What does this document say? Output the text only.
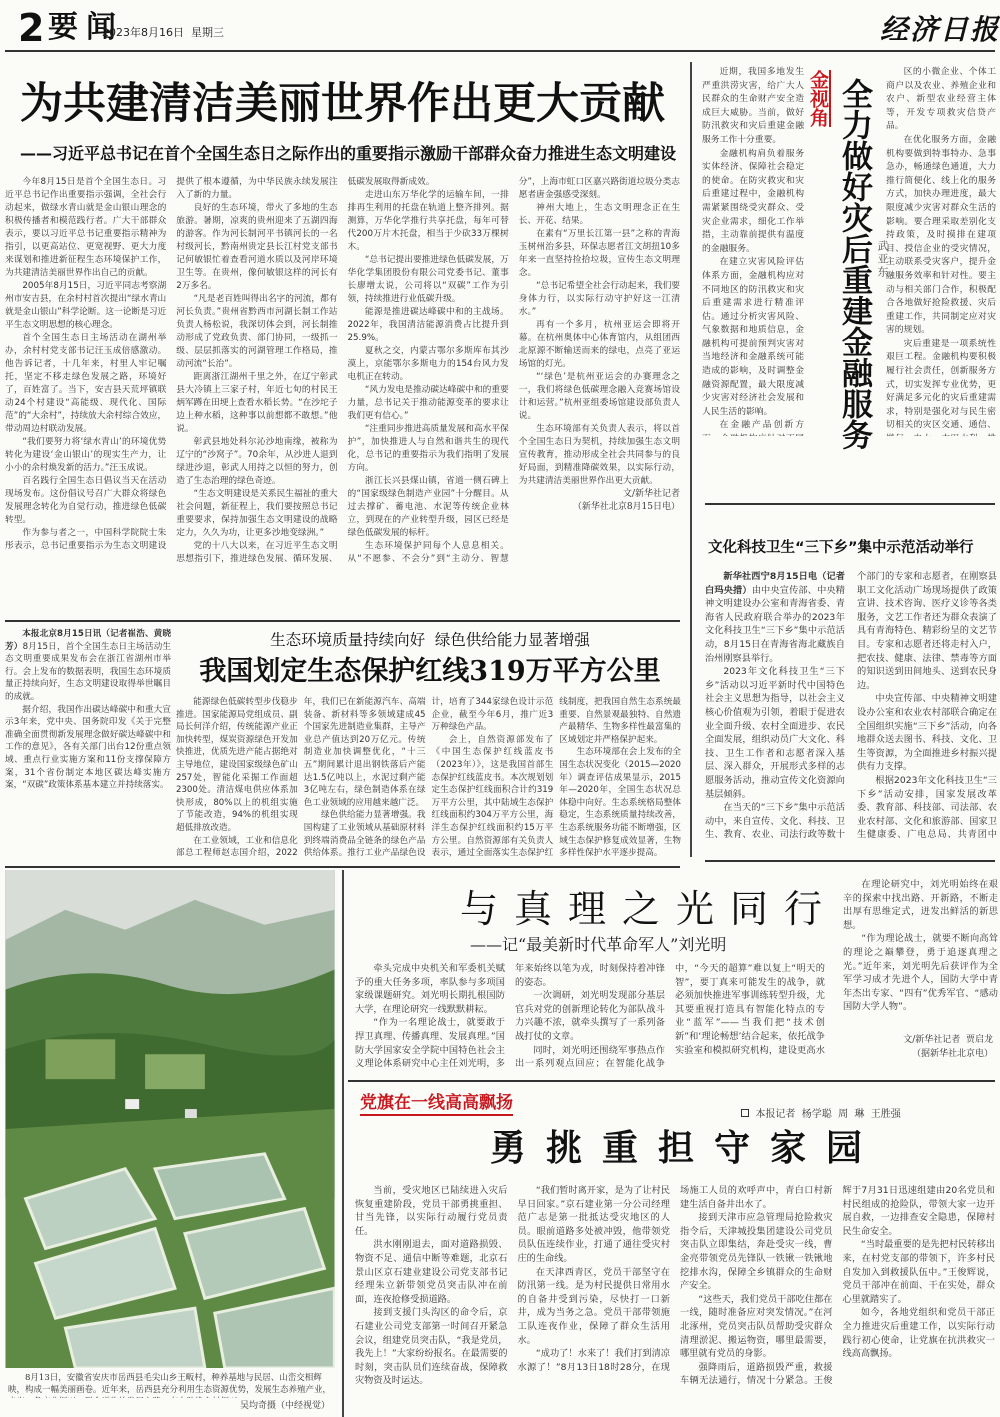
2 要闻
2023年8月16日  星期三	经济日报
为共建清洁美丽世界作出更大贡献
——习近平总书记在首个全国生态日之际作出的重要指示激励干部群众奋力推进生态文明建设

今年8月15日是首个全国生态日。习近平总书记作出重要指示强调，全社会行动起来，做绿水青山就是金山银山理念的积极传播者和模范践行者。广大干部群众表示，要以习近平总书记重要指示精神为指引，以更高站位、更宽视野、更大力度来谋划和推进新征程生态环境保护工作，为共建清洁美丽世界作出自己的贡献。

2005年8月15日，习近平同志考察湖州市安吉县，在余村村首次提出“绿水青山就是金山银山”科学论断。这一论断是习近平生态文明思想的核心理念。

首个全国生态日主场活动在湖州举办，余村村党支部书记汪玉成倍感激动。他告诉记者，十几年来，村里人牢记嘱托，坚定不移走绿色发展之路，环境好了，百姓富了。当下，安吉县天荒坪镇联动24个村建设“高能级、现代化、国际范”的“大余村”，持续放大余村综合效应，带动周边村联动发展。

“我们要努力将‘绿水青山’的环境优势转化为建设‘金山银山’的现实生产力，让小小的余村焕发新的活力。”汪玉成说。

百名践行全国生态日倡议当天在活动现场发布。这份倡议号召广大群众将绿色发展理念转化为自觉行动，推进绿色低碳转型。

作为参与者之一，中国科学院院士朱彤表示，总书记重要指示为生态文明建设提供了根本遵循，为中华民族永续发展注入了新的力量。

良好的生态环境，带火了多地的生态旅游。暑期，凉爽的贵州迎来了五湖四海的游客。作为河长制河平书镇河长的一名村级河长，黔南州贵定县长江村党支部书记何敏银忙着查看河道水质以及河岸环境卫生等。在贵州，像何敏银这样的河长有2万多名。

“凡是老百姓叫得出名字的河流，都有河长负责。”贵州省黔西市河湖长制工作站负责人杨松说，我深切体会到，河长制推动形成了党政负责、部门协同，一级抓一级、层层抓落实的河湖管理工作格局，推动河流“长治”。

距离浙江湖州千里之外，在辽宁彰武县大冷镇上三家子村，年近七旬的村民王炳军蹲在田埂上查看水稻长势。“在沙坨子边上种水稻，这种事以前想都不敢想。”他说。

彰武县地处科尔沁沙地南缘，被称为辽宁的“沙窝子”。70余年，从沙进人退到绿进沙退，彰武人用持之以恒的努力，创造了生态治理的绿色奇迹。

“生态文明建设是关系民生福祉的重大社会问题，新征程上，我们要按照总书记重要要求，保持加强生态文明建设的战略定力，久久为功，让更多沙地变绿洲。”

党的十八大以来，在习近平生态文明思想指引下，推进绿色发展、循环发展、低碳发展取得新成效。

走进山东万华化学的运输车间，一排排再生利用的托盘在轨道上整齐排列。据测算，万华化学推行共享托盘，每年可替代200万片木托盘，相当于少砍33万棵树木。

“总书记提出要推进绿色低碳发展，万华化学集团股份有限公司党委书记、董事长廖增太说，公司将以“双碳”工作为引领，持续推进行业低碳升级。

能源是推进碳达峰碳中和的主战场。2022年，我国清洁能源消费占比提升到25.9%。

夏秋之交，内蒙古鄂尔多斯库布其沙漠上，京能鄂尔多斯电力的154台风力发电机正在转动。

“风力发电是推动碳达峰碳中和的重要力量，总书记关于推动能源变革的要求让我们更有信心。”

“注重同步推进高质量发展和高水平保护”，加快推进人与自然和谐共生的现代化，总书记的重要指示为我们指明了发展方向。

浙江长兴县煤山镇，省道一侧石碑上的“国家级绿色制造产业园”十分醒目。从过去撑矿、蓄电池、水泥等传统企业林立，到现在的产业转型升级，园区已经是绿色低碳发展的标杆。

生态环境保护同每个人息息相关。从“不愿参、不会分”到“主动分、智慧分”，上海市虹口区嘉兴路街道垃圾分类志愿者唐金强感受深刻。

神州大地上，生态文明理念正在生长、开花、结果。

在素有“万里长江第一县”之称的青海玉树州治多县，环保志愿者江文胡扭10多年来一直坚持捡拾垃圾，宣传生态文明理念。

“总书记希望全社会行动起来，我们要身体力行，以实际行动守护好这一江清水。”

再有一个多月，杭州亚运会即将开幕。在杭州奥体中心体育馆内，从组团西北原源不断输送而来的绿电，点亮了亚运场馆的灯光。

“‘绿色’是杭州亚运会的办赛理念之一，我们将绿色低碳理念融入竞赛场馆设计和运营。”杭州亚组委场馆建设部负责人说。

生态环境部有关负责人表示，将以首个全国生态日为契机，持续加强生态文明宣传教育，推动形成全社会共同参与的良好局面，到精准降碳效果，以实际行动，为共建清洁美丽世界作出更大贡献。

文/新华社记者
（新华社北京8月15日电）

近期，我国多地发生严重洪涝灾害，给广大人民群众的生命财产安全造成巨大威胁。当前，做好防汛救灾和灾后重建金融服务工作十分重要。

金融机构肩负着服务实体经济、保障社会稳定的使命。在防灾救灾和灾后重建过程中，金融机构需紧紧围绕受灾群众、受灾企业需求，细化工作举措，主动靠前提供有温度的金融服务。

在建立灾害风险评估体系方面，金融机构应对不同地区的防汛救灾和灾后重建需求进行精准评估。通过分析灾害风险、气象数据和地质信息，金融机构可提前预判灾害对当地经济和金融系统可能造成的影响，及时调整金融资源配置，最大限度减少灾害对经济社会发展和人民生活的影响。

在金融产品创新方

金视角 全力做好灾后重建金融服务 武亚东

区的小微企业、个体工商户以及农业、养殖企业和农户、新型农业经营主体等，开发专项救灾信贷产品。

在优化服务方面，金融机构要做到特事特办、急事急办，畅通绿色通道，大力推行简便化、线上化的服务方式，加快办理进度，最大限度减少灾害对群众生活的影响。要合理采取差别化支持政策，及时摸排在建项目、授信企业的受灾情况，主动联系受灾客户，提升金融服务效率和针对性。要主动与相关部门合作，积极配合各地做好抢险救援、灾后重建工作，共同制定应对灾害的规划。

灾后重建是一项系统性艰巨工程。金融机构要积极履行社会责任，创新服务方式，切实发挥专业优势，更好满足多元化的灾后重建需求，特别是强化对与民生密切相关的灾区交通、通信、

文化科技卫生“三下乡”集中示范活动举行

新华社西宁8月15日电（记者白玛央措）由中央宣传部、中央精神文明建设办公室和青海省委、青海省人民政府联合举办的2023年文化科技卫生“三下乡”集中示范活动，8月15日在青海省海北藏族自治州刚察县举行。

2023年文化科技卫生“三下乡”活动以习近平新时代中国特色社会主义思想为指导，以社会主义核心价值观为引领，着眼于促进农业全面升级、农村全面进步、农民全面发展，组织动员广大文化、科技、卫生工作者和志愿者深入基层、深入群众，开展形式多样的志愿服务活动，推动宣传文化资源向基层倾斜。

在当天的“三下乡”集中示范活动中，来自宣传、文化、科技、卫生、教育、农业、司法行政等数十个部门的专家和志愿者，在刚察县职工文化活动广场现场提供了政策宣讲、技术咨询、医疗义诊等各类服务，文艺工作者还为群众表演了具有青海特色、精彩纷呈的文艺节目。专家和志愿者还将走村入户，把农技、健康、法律、禁毒等方面的知识送到田间地头、送到农民身边。

中央宣传部、中央精神文明建设办公室和农业农村部联合确定在全国组织实施“三下乡”活动，向各地群众送去图书、科技、文化、卫生等资源，为全面推进乡村振兴提供有力支撑。

根据2023年文化科技卫生“三下乡”活动安排，国家发展改革委、教育部、科技部、司法部、农业农村部、文化和旅游部、国家卫生健康委、广电总局、共青团中

生态环境质量持续向好  绿色供给能力显著增强
我国划定生态保护红线319万平方公里

本报北京8月15日讯（记者崔浩、黄晓芳）8月15日，首个全国生态日主场活动生态文明重要成果发布会在浙江省湖州市举行。会上发布的数据表明，我国生态环境质量正持续向好，生态文明建设取得举世瞩目的成就。

据介绍，我国作出碳达峰碳中和重大宣示3年来，党中央、国务院印发《关于完整准确全面贯彻新发展理念做好碳达峰碳中和工作的意见》，各有关部门出台12份重点领域、重点行业实施方案和11份支撑保障方案，31个省份制定本地区碳达峰实施方案，“双碳”政策体系基本建立并持续落实。

能源绿色低碳转型步伐稳步推进。国家能源局党组成员、副局长何洋介绍，传统能源产业正加快转型，煤炭资源绿色开发加快推进，优质先进产能占据绝对主导地位，建设国家级绿色矿山257处，智能化采掘工作面超2300处。清洁煤电供应体系加快形成，80%以上的机组实施了节能改造，94%的机组实现超低排放改造。

在工业领域，工业和信息化部总工程师赵志国介绍，2022年，我们已在新能源汽车、高端装备、新材料等多领域建成45个国家先进制造业集群，主导产业总产值达到20万亿元。传统制造业加快调整优化，“十三五”期间累计退出钢铁落后产能达1.5亿吨以上，水泥过剩产能3亿吨左右，绿色制造体系在绿色工业领域的应用越来越广泛。

绿色供给能力显著增强。我国构建了工业领域从基础原材料到终端消费品全链条的绿色产品供给体系。推行工业产品绿色设计，培育了344家绿色设计示范企业，截至今年6月，推广近3万种绿色产品。

会上，自然资源部发布了《中国生态保护红线蓝皮书（2023年）》，这是我国首部生态保护红线蓝皮书。本次规划划定生态保护红线面积合计约319万平方公里，其中陆域生态保护红线面积约304万平方公里，海洋生态保护红线面积约15万平方公里。自然资源部有关负责人表示，通过全面落实生态保护红线制度，把我国自然生态系统最重要、自然景观最独特、自然遗产最精华、生物多样性最富集的区域划定并严格保护起来。

生态环境部在会上发布的全国生态状况变化（2015—2020年）调查评估成果显示，2015年—2020年，全国生态状况总体稳中向好。生态系统格局整体稳定，生态系统质量持续改善，生态系统服务功能不断增强，区域生态保护修复成效显著，生物多样性保护水平逐步提高。

8月13日，安徽省安庆市岳西县毛尖山乡王畈村，种养基地与民居、山峦交相辉映，构成一幅美丽画卷。近年来，岳西县充分利用生态资源优势，发展生态养殖产业，
吴均奇摄（中经视觉）
与真理之光同行
——记“最美新时代革命军人”刘光明

牵头完成中央机关和军委机关赋予的重大任务多项，率队参与多项国家级课题研究。刘光明长期扎根国防大学，在理论研究一线默默耕耘。

“作为一名理论战士，就要敢于捍卫真理、传播真理、发展真理。”国防大学国家安全学院中国特色社会主义理论体系研究中心主任刘光明，多年来始终以笔为戎，时刻保持着冲锋的姿态。

一次调研，刘光明发现部分基层官兵对党的创新理论转化为部队战斗力兴趣不浓，就牵头撰写了一系列备战打仗的文章。

同时，刘光明还围绕军事热点作出一系列观点回应；在智能化战争中，“今天的超算”难以复上“明天的智”，要丁真来可能发生的战争，就必须加快推进军事训练转型升级，尤其要重视打造具有智能化特点的专业“蓝军”——当我们把“技术创新”和‘理论畅想’结合起来，依托战争实验室和模拟研究机构，建设更高水

在理论研究中，刘光明始终在艰辛的探索中找出路、开新路，不断走出厚有思维定式，迸发出鲜活的新思想。

“作为理论战士，就要不断向高耸的理论之巅攀登，勇于追逐真理之光。”近年来，刘光明先后获评作为全军学习成才先进个人，国防大学中青年杰出专家、“四有”优秀军官、“感动国防大学人物”。

文/新华社记者  贾启龙
（据新华社北京电）
党旗在一线高高飘扬

本报记者  杨学聪  周  琳  王胜强

勇挑重担守家园

当前，受灾地区已陆续进入灾后恢复重建阶段，党员干部勇挑重担、甘当先锋，以实际行动履行党员责任。

洪水刚刚退去，面对道路损毁、物资不足、通信中断等难题，北京石景山区京石建业建设公司党支部书记经理朱立新带领党员突击队冲在前面，连夜抢修受损道路。

接到支援门头沟区的命令后，京石建业公司党支部第一时间召开紧急会议，组建党员突击队，“我是党员，我先上！”大家纷纷报名。在最需要的时刻，突击队员们连续奋战，保障救灾物资及时运达。

“我们暂时离开家，是为了让村民早日回家。”京石建业第一分公司经理范广志是第一批抵达受灾地区的人员。眼前道路多处被冲毁，他带领党员队伍连续作业，打通了通往受灾村庄的生命线。

在天津西青区，党员干部坚守在防汛第一线。是为村民提供日常用水的自备井受到污染，尽快打一口新井，成为当务之急。党员干部带领施工队连夜作业，保障了群众生活用水。

“成功了！水来了！我们打到清凉水源了！”8月13日18时28分，在现场施工人员的欢呼声中，青白口村新建生活自备井出水了。

接到天津市应急管理局抢险救灾指令后，天津城投集团建设公司党员突击队立即集结，奔赴受灾一线，曹金亮带领党员先锋队一铁锹一铁锹地挖排水沟，保障全乡镇群众的生命财产安全。

“这些天，我们党员干部吃住都在一线，随时准备应对突发情况。”在河北涿州，党员突击队员帮助受灾群众清理淤泥、搬运物资，哪里最需要，哪里就有党员的身影。

强降雨后，道路损毁严重，救援车辆无法通行，情况十分紧急。王俊辉于7月31日迅速组建由20名党员和村民组成的抢险队，带领大家一边开展自救，一边排查安全隐患，保障村民生命安全。

“当时最重要的是先把村民转移出来，在村党支部的带领下，许多村民自发加入到救援队伍中。”王俊辉说，党员干部冲在前面、干在实处，群众心里就踏实了。

如今，各地党组织和党员干部正全力推进灾后重建工作，以实际行动践行初心使命，让党旗在抗洪救灾一线高高飘扬。
